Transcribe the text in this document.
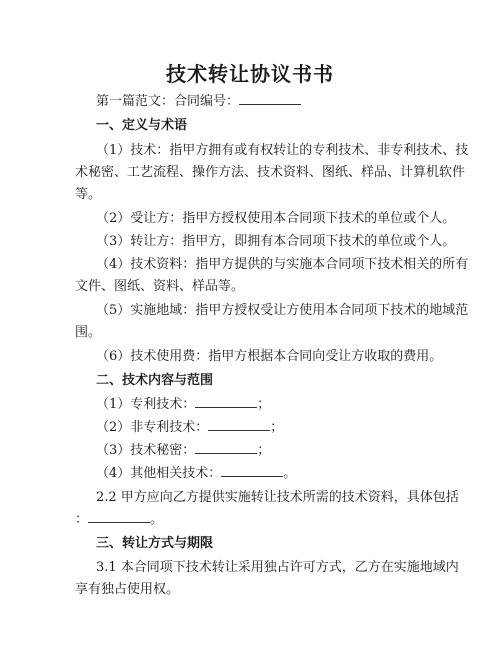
技术转让协议书书
第一篇范文：合同编号：
一、定义与术语
（1）技术：指甲方拥有或有权转让的专利技术、非专利技术、技
术秘密、工艺流程、操作方法、技术资料、图纸、样品、计算机软件
等。
（2）受让方：指甲方授权使用本合同项下技术的单位或个人。
（3）转让方：指甲方，即拥有本合同项下技术的单位或个人。
（4）技术资料：指甲方提供的与实施本合同项下技术相关的所有
文件、图纸、资料、样品等。
（5）实施地域：指甲方授权受让方使用本合同项下技术的地域范
围。
（6）技术使用费：指甲方根据本合同向受让方收取的费用。
二、技术内容与范围
（1）专利技术：	；
（2）非专利技术：	；
（3）技术秘密：	；
（4）其他相关技术：	。
2.2 甲方应向乙方提供实施转让技术所需的技术资料，具体包括
：	。
三、转让方式与期限
3.1 本合同项下技术转让采用独占许可方式，乙方在实施地域内
享有独占使用权。
